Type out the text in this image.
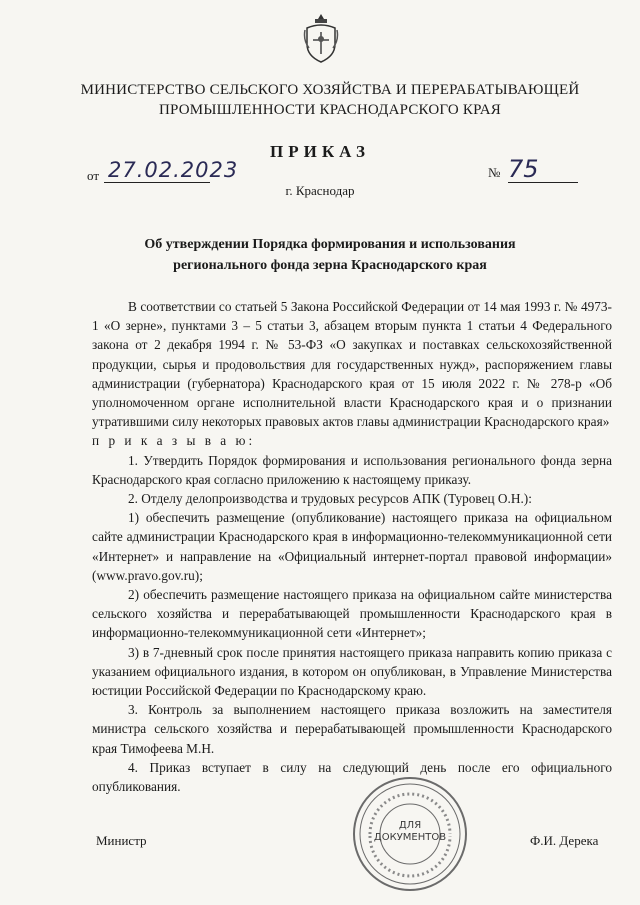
МИНИСТЕРСТВО СЕЛЬСКОГО ХОЗЯЙСТВА И ПЕРЕРАБАТЫВАЮЩЕЙ
ПРОМЫШЛЕННОСТИ КРАСНОДАРСКОГО КРАЯ
ПРИКАЗ
от 27.02.2023	№ 75
г. Краснодар
Об утверждении Порядка формирования и использования
регионального фонда зерна Краснодарского края

В соответствии со статьей 5 Закона Российской Федерации от 14 мая 1993 г. № 4973-1 «О зерне», пунктами 3 – 5 статьи 3, абзацем вторым пункта 1 статьи 4 Федерального закона от 2 декабря 1994 г. № 53-ФЗ «О закупках и поставках сельскохозяйственной продукции, сырья и продовольствия для государственных нужд», распоряжением главы администрации (губернатора) Краснодарского края от 15 июля 2022 г. № 278-р «Об уполномоченном органе исполнительной власти Краснодарского края и о признании утратившими силу некоторых правовых актов главы администрации Краснодарского края»

п р и к а з ы в а ю:

1. Утвердить Порядок формирования и использования регионального фонда зерна Краснодарского края согласно приложению к настоящему приказу.

2. Отделу делопроизводства и трудовых ресурсов АПК (Туровец О.Н.):

1) обеспечить размещение (опубликование) настоящего приказа на официальном сайте администрации Краснодарского края в информационно-телекоммуникационной сети «Интернет» и направление на «Официальный интернет-портал правовой информации» (www.pravo.gov.ru);

2) обеспечить размещение настоящего приказа на официальном сайте министерства сельского хозяйства и перерабатывающей промышленности Краснодарского края в информационно-телекоммуникационной сети «Интернет»;

3) в 7-дневный срок после принятия настоящего приказа направить копию приказа с указанием официального издания, в котором он опубликован, в Управление Министерства юстиции Российской Федерации по Краснодарскому краю.

3. Контроль за выполнением настоящего приказа возложить на заместителя министра сельского хозяйства и перерабатывающей промышленности Краснодарского края Тимофеева М.Н.

4. Приказ вступает в силу на следующий день после его официального опубликования.

ДЛЯ
ДОКУМЕНТОВ
Министр	Ф.И. Дерека
